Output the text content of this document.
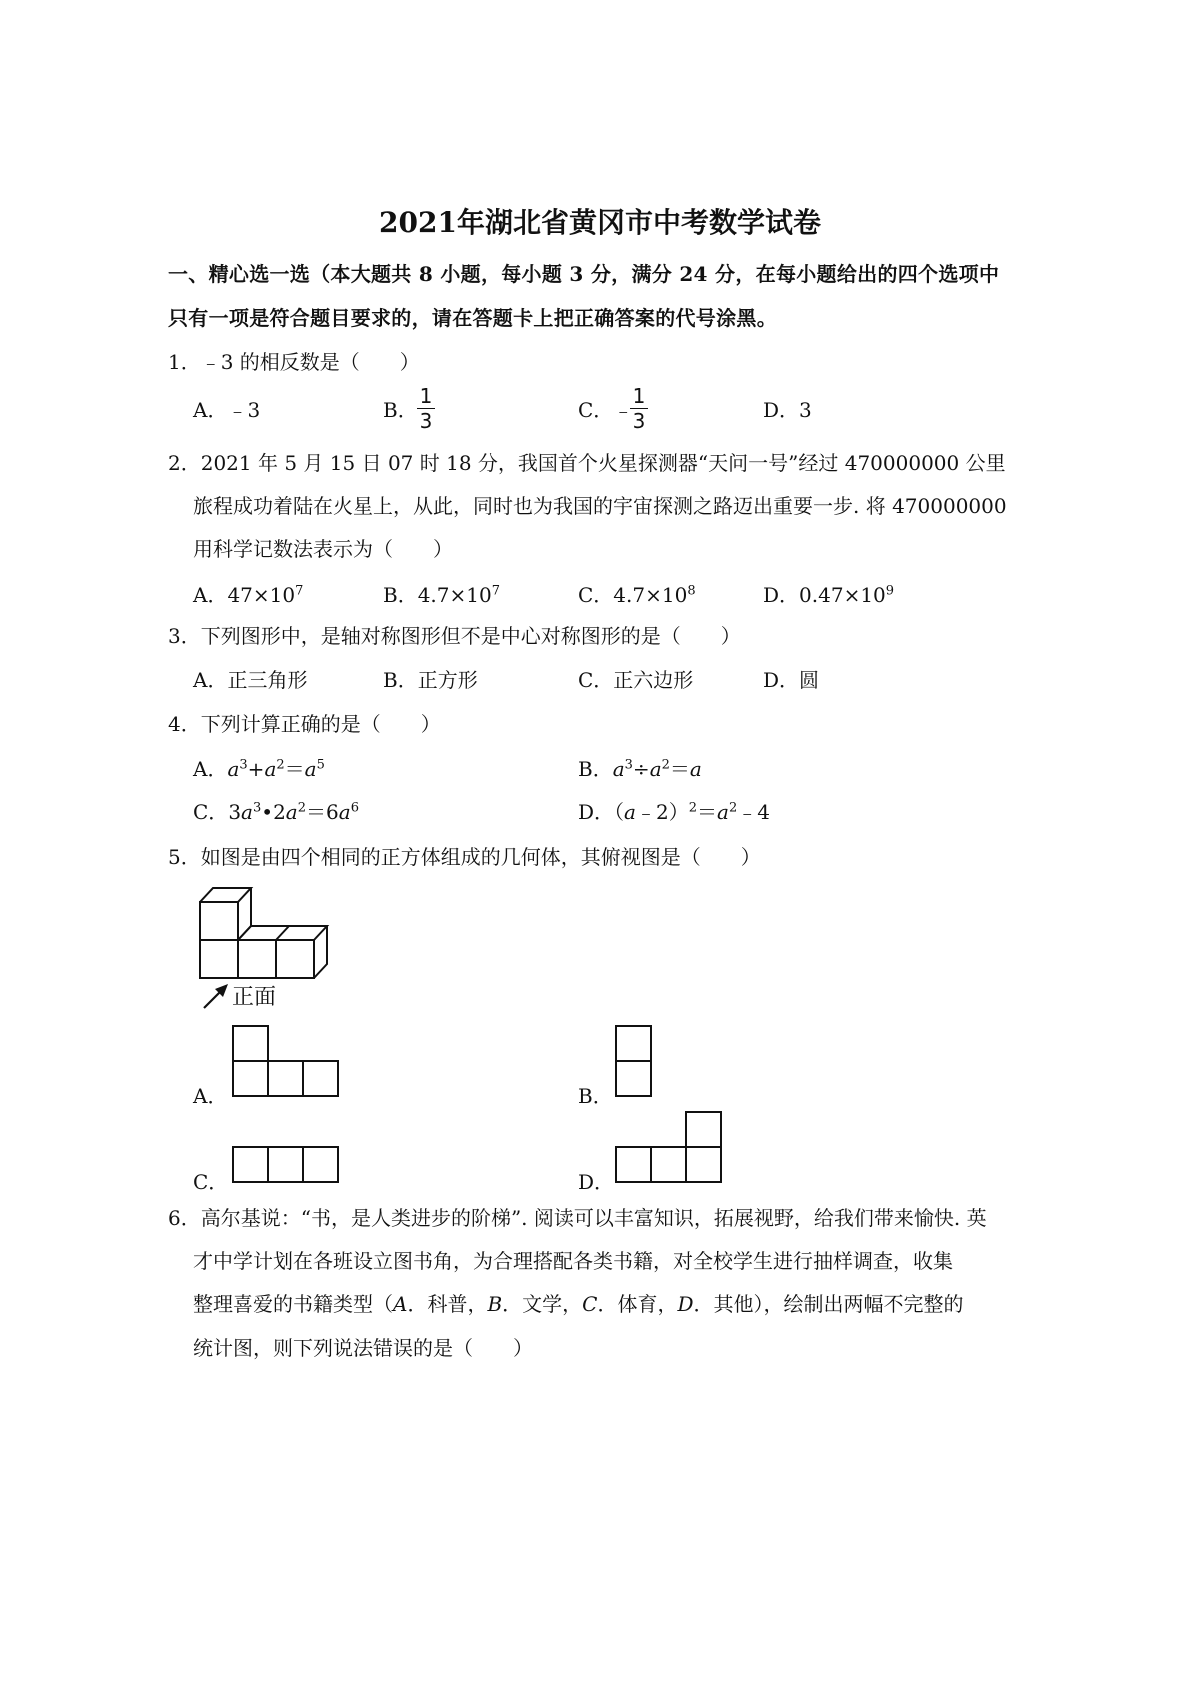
2021年湖北省黄冈市中考数学试卷
一、精心选一选（本大题共 8 小题，每小题 3 分，满分 24 分，在每小题给出的四个选项中
只有一项是符合题目要求的，请在答题卡上把正确答案的代号涂黑。
1．﹣3 的相反数是（　　）
A．﹣3	B．
1
3	C．﹣
1
3	D．3
2．2021 年 5 月 15 日 07 时 18 分，我国首个火星探测器“天问一号”经过 470000000 公里
旅程成功着陆在火星上，从此，同时也为我国的宇宙探测之路迈出重要一步. 将 470000000
用科学记数法表示为（　　）
A．$47\times 10^7$	B．$4.7\times 10^7$	C．$4.7\times 10^8$	D．$0.47\times 10^9$
3．下列图形中，是轴对称图形但不是中心对称图形的是（　　）
A．正三角形	B．正方形	C．正六边形	D．圆
4．下列计算正确的是（　　）
A．$a^3+a^2=a^5$	B．$a^3\div a^2=a$
C．$3a^3•2a^2=6a^6$	D．$(a﹣2)^2=a^2﹣4$
5．如图是由四个相同的正方体组成的几何体，其俯视图是（　　）
正面
A．	B．
C．	D．
6．高尔基说：“书，是人类进步的阶梯”. 阅读可以丰富知识，拓展视野，给我们带来愉快. 英
才中学计划在各班设立图书角，为合理搭配各类书籍，对全校学生进行抽样调查，收集
整理喜爱的书籍类型（A．科普，B．文学，C．体育，D．其他），绘制出两幅不完整的
统计图，则下列说法错误的是（　　）
